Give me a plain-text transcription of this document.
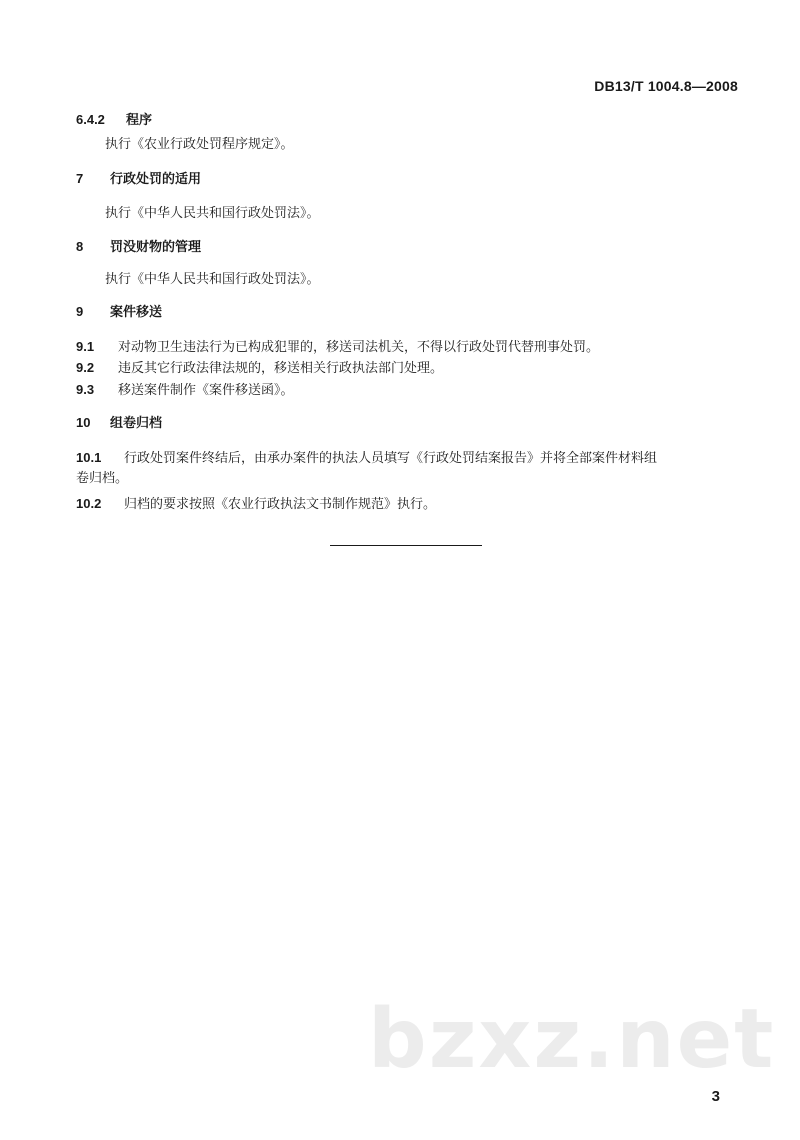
DB13/T 1004.8—2008
6.4.2 程序
执行《农业行政处罚程序规定》。
7 行政处罚的适用
执行《中华人民共和国行政处罚法》。
8 罚没财物的管理
执行《中华人民共和国行政处罚法》。
9 案件移送
9.1 对动物卫生违法行为已构成犯罪的，移送司法机关，不得以行政处罚代替刑事处罚。
9.2 违反其它行政法律法规的，移送相关行政执法部门处理。
9.3 移送案件制作《案件移送函》。
10 组卷归档
10.1 行政处罚案件终结后，由承办案件的执法人员填写《行政处罚结案报告》并将全部案件材料组
卷归档。
10.2 归档的要求按照《农业行政执法文书制作规范》执行。
bzxz.net
3
